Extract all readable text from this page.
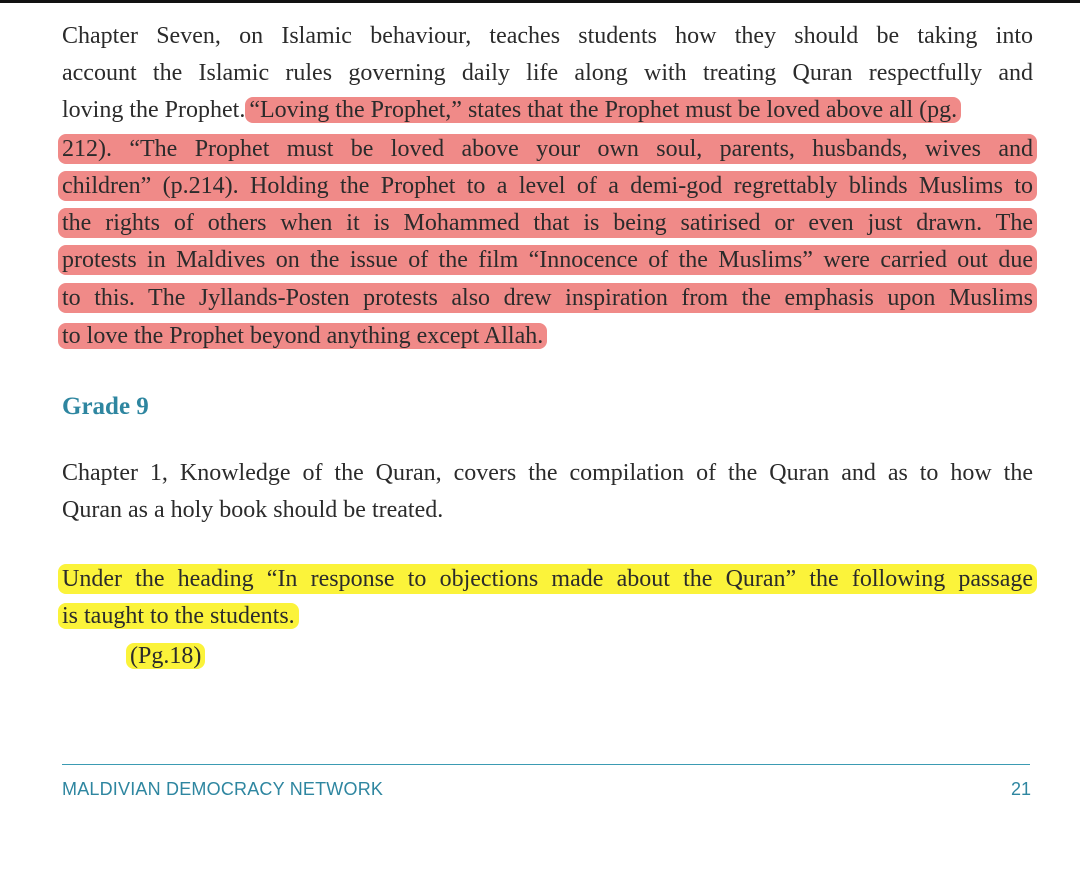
Chapter Seven, on Islamic behaviour, teaches students how they should be taking into
account the Islamic rules governing daily life along with treating Quran respectfully and
loving the Prophet. “Loving the Prophet,” states that the Prophet must be loved above all (pg.
212). “The Prophet must be loved above your own soul, parents, husbands, wives and
children” (p.214). Holding the Prophet to a level of a demi-god regrettably blinds Muslims to
the rights of others when it is Mohammed that is being satirised or even just drawn. The
protests in Maldives on the issue of the film “Innocence of the Muslims” were carried out due
to this. The Jyllands-Posten protests also drew inspiration from the emphasis upon Muslims
to love the Prophet beyond anything except Allah.
Grade 9
Chapter 1, Knowledge of the Quran, covers the compilation of the Quran and as to how the
Quran as a holy book should be treated.
Under the heading “In response to objections made about the Quran” the following passage
is taught to the students.
(Pg.18)
MALDIVIAN DEMOCRACY NETWORK	21
